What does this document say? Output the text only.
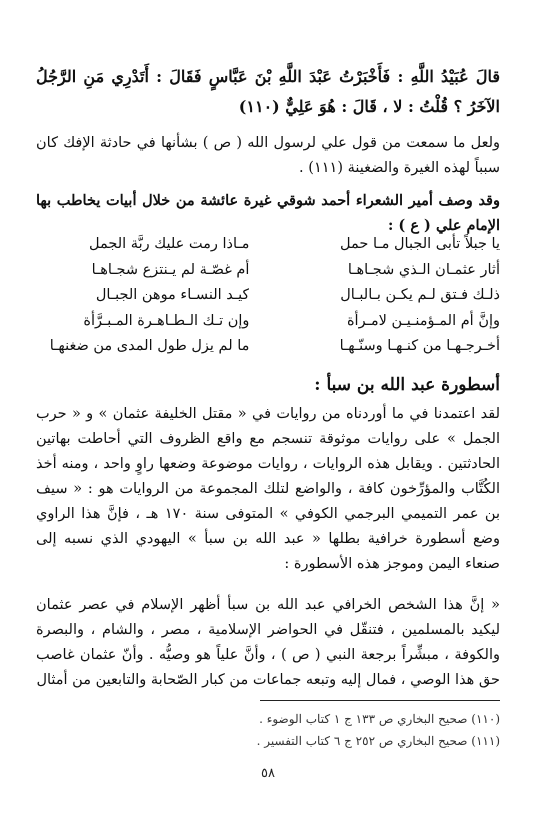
قالَ عُبَيْدُ اللَّهِ : فَأَخْبَرْتُ عَبْدَ اللَّهِ بْنَ عَبَّاسٍ فَقَالَ : أَتَدْرِي مَنِ الرَّجُلُ الآخَرُ ؟ قُلْتُ : لا ، قَالَ : هُوَ عَلِيٌّ (١١٠)

ولعل ما سمعت من قول علي لرسول الله ( ص ) بشأنها في حادثة الإفك كان سبباً لهذه الغيرة والضغينة (١١١) .

وقد وصف أمير الشعراء أحمد شوقي غيرة عائشة من خلال أبيات يخاطب بها الإمام علي ( ع ) :

يا جبلاً تأبى الجبال مـا حمل
مـاذا رمت عليك ربَّة الجمل
أثار عثمـان الـذي شجـاهـا
أم غصّـة لم يـنتزع شجـاهـا
ذلـك فـتق لـم يكـن بـالبـال
كيـد النسـاء موهن الجبـال
وإنَّ أم المـؤمنـيـن لامـرأة
وإن تـك الـطـاهـرة المـبـرَّأة
أخـرجـهـا من كنـهـا وسنّـهـا
ما لم يزل طول المدى من ضغنهـا
أسطورة عبد الله بن سبأ :

لقد اعتمدنا في ما أوردناه من روايات في « مقتل الخليفة عثمان » و « حرب الجمل » على روايات موثوقة تنسجم مع واقع الظروف التي أحاطت بهاتين الحادثتين . ويقابل هذه الروايات ، روايات موضوعة وضعها راوٍ واحد ، ومنه أخذ الكُتَّاب والمؤرِّخون كافة ، والواضع لتلك المجموعة من الروايات هو : « سيف بن عمر التميمي البرجمي الكوفي » المتوفى سنة ١٧٠ هـ ، فإنَّ هذا الراوي وضع أسطورة خرافية بطلها « عبد الله بن سبأ » اليهودي الذي نسبه إلى صنعاء اليمن وموجز هذه الأسطورة :

« إنَّ هذا الشخص الخرافي عبد الله بن سبأ أظهر الإسلام في عصر عثمان ليكيد بالمسلمين ، فتنقّل في الحواضر الإسلامية ، مصر ، والشام ، والبصرة والكوفة ، مبشِّراً برجعة النبي ( ص ) ، وأنَّ علياً هو وصيُّه . وأنّ عثمان غاصب حق هذا الوصي ، فمال إليه وتبعه جماعات من كبار الصّحابة والتابعين من أمثال

(١١٠) صحيح البخاري ص ١٣٣ ج ١ كتاب الوضوء .
(١١١) صحيح البخاري ص ٢٥٢ ج ٦ كتاب التفسير .
٥٨
